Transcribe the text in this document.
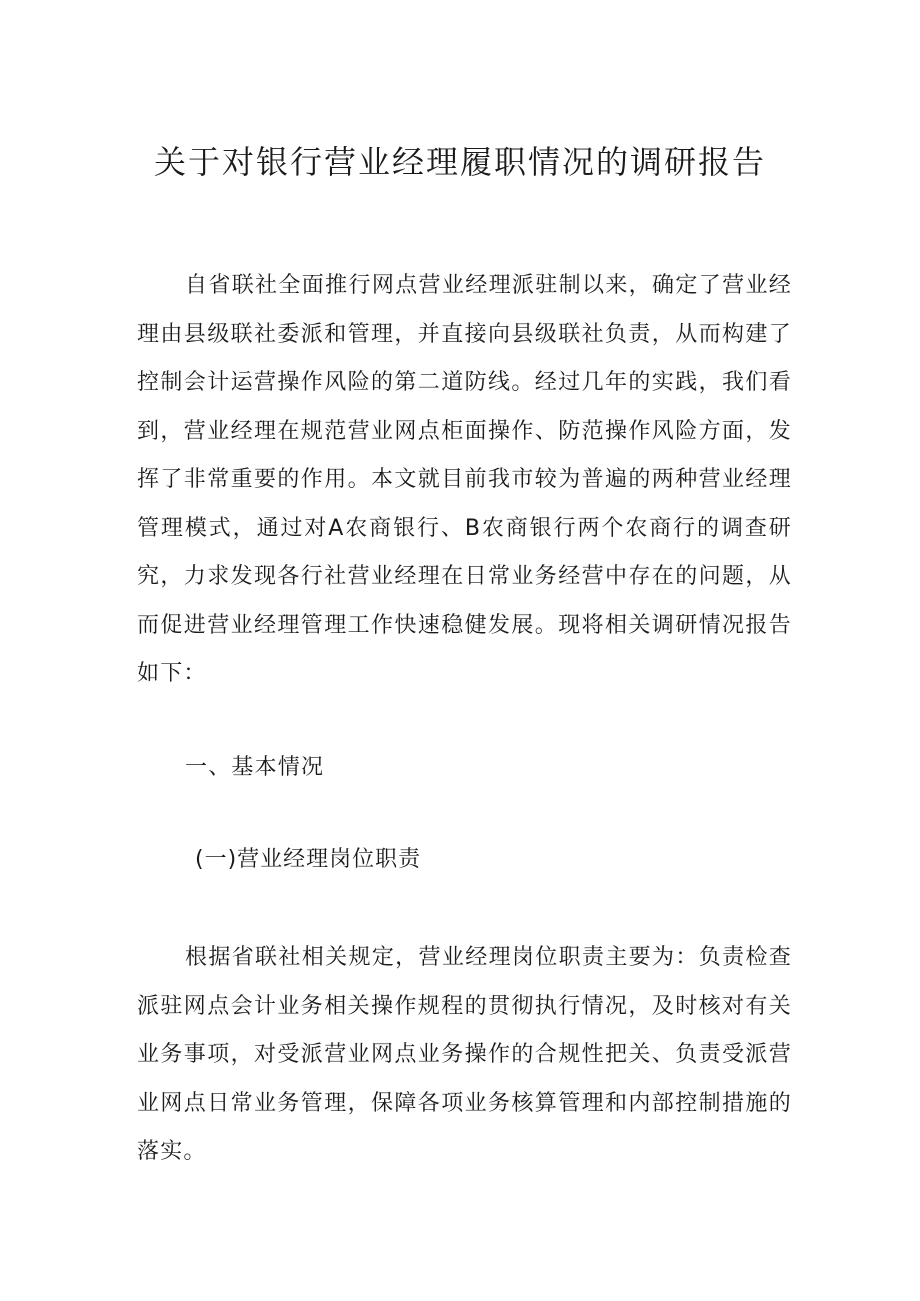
关于对银行营业经理履职情况的调研报告

自省联社全面推行网点营业经理派驻制以来，确定了营业经理由县级联社委派和管理，并直接向县级联社负责，从而构建了控制会计运营操作风险的第二道防线。经过几年的实践，我们看到，营业经理在规范营业网点柜面操作、防范操作风险方面，发挥了非常重要的作用。本文就目前我市较为普遍的两种营业经理管理模式，通过对A农商银行、B农商银行两个农商行的调查研究，力求发现各行社营业经理在日常业务经营中存在的问题，从而促进营业经理管理工作快速稳健发展。现将相关调研情况报告如下：

一、基本情况
(一)营业经理岗位职责

根据省联社相关规定，营业经理岗位职责主要为：负责检查派驻网点会计业务相关操作规程的贯彻执行情况，及时核对有关业务事项，对受派营业网点业务操作的合规性把关、负责受派营业网点日常业务管理，保障各项业务核算管理和内部控制措施的落实。
